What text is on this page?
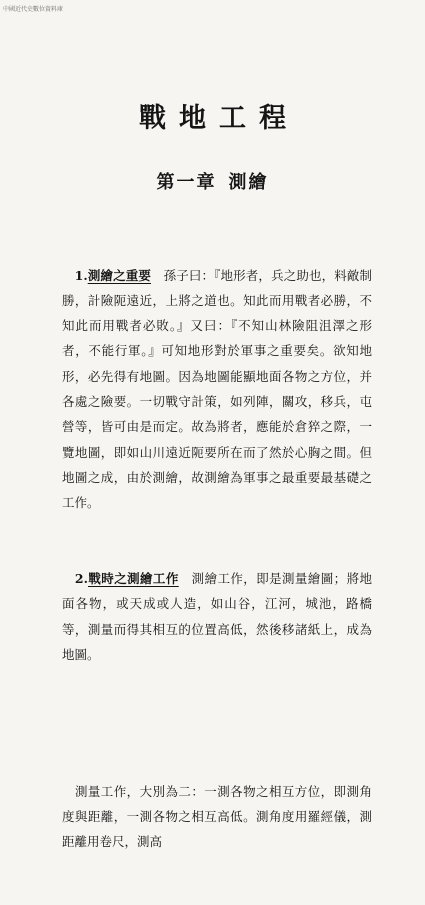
中國近代史數位資料庫
戰地工程
第一章 測繪

　1.測繪之重要　 孫子曰：『地形者，兵之助也，料敵制勝，計險阨遠近，上將之道也。知此而用戰者必勝，不知此而用戰者必敗。』又曰：『不知山林險阻沮澤之形者，不能行軍。』可知地形對於軍事之重要矣。欲知地形，必先得有地圖。因為地圖能顯地面各物之方位，并各處之險要。一切戰守計策，如列陣，關攻，移兵，屯營等，皆可由是而定。故為將者，應能於倉猝之際，一覽地圖，即如山川遠近阨要所在而了然於心胸之間。但地圖之成，由於測繪，故測繪為軍事之最重要最基礎之工作。

　2.戰時之測繪工作　 測繪工作，即是測量繪圖；將地面各物，或天成或人造，如山谷，江河，城池，路橋等，測量而得其相互的位置高低，然後移諸紙上，成為地圖。

　測量工作，大別為二：一測各物之相互方位，即測角度與距離，一測各物之相互高低。測角度用羅經儀，測距離用卷尺，測高
